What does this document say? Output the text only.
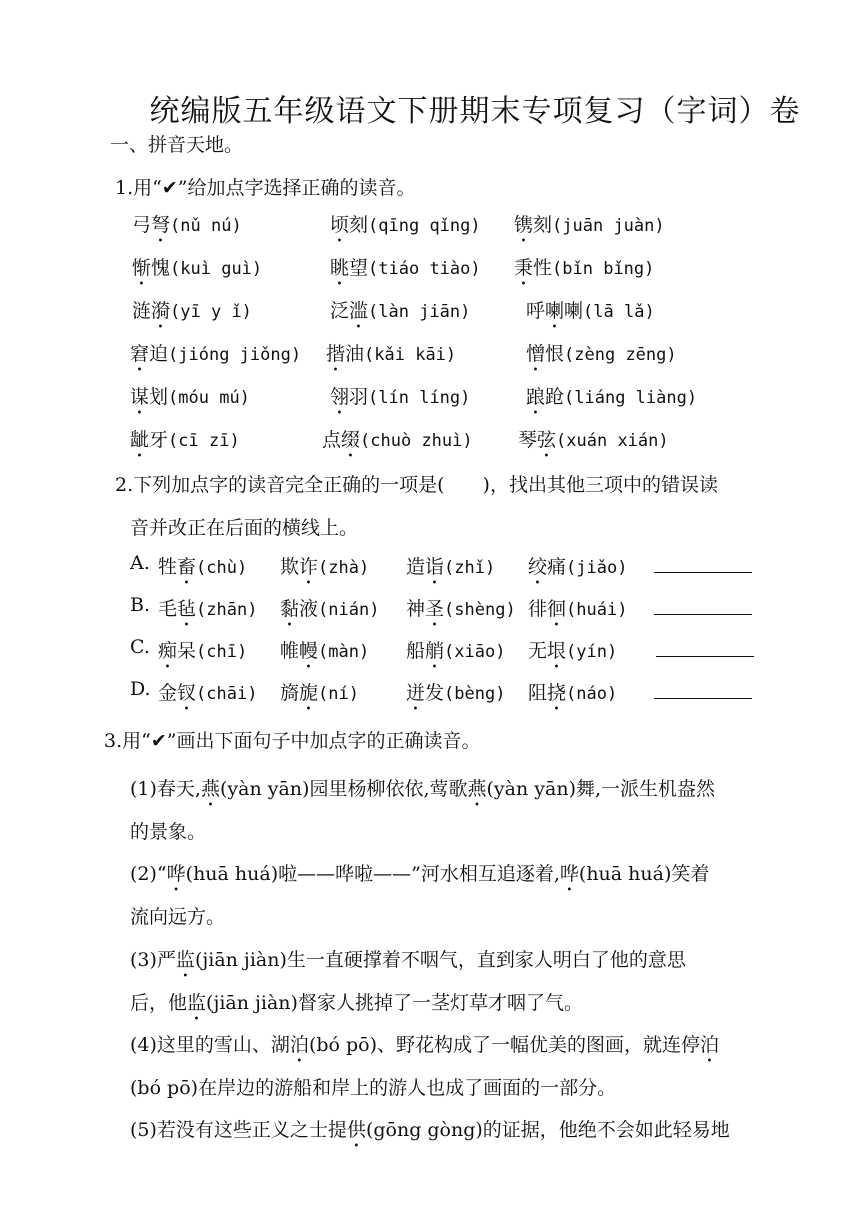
统编版五年级语文下册期末专项复习（字词）卷
一、拼音天地。
1.用“✔”给加点字选择正确的读音。
弓弩(nǔ nú)	顷刻(qīng qǐng) 镌刻(juān juàn)
惭愧(kuì guì)	眺望(tiáo tiào) 秉性(bǐn bǐng)
涟漪(yī y ǐ)	泛滥(làn jiān)	呼喇喇(lā lǎ)
窘迫(jióng jiǒng) 揩油(kǎi kāi)	憎恨(zèng zēng)
谋划(móu mú)	翎羽(lín líng)	踉跄(liáng liàng)
龇牙(cī zī)	点缀(chuò zhuì) 琴弦(xuán xián)
2.下列加点字的读音完全正确的一项是(　　)，找出其他三项中的错误读
音并改正在后面的横线上。
A. 牲畜(chù) 欺诈(zhà) 造诣(zhǐ) 绞痛(jiǎo)
B. 毛毡(zhān) 黏液(nián) 神圣(shèng) 徘徊(huái)
C. 痴呆(chī) 帷幔(màn) 船艄(xiāo) 无垠(yín)
D. 金钗(chāi) 旖旎(ní) 迸发(bèng) 阻挠(náo)
3.用“✔”画出下面句子中加点字的正确读音。
(1)春天,燕(yàn yān)园里杨柳依依,莺歌燕(yàn yān)舞,一派生机盎然
的景象。
(2)“哗(huā huá)啦——哗啦——”河水相互追逐着,哗(huā huá)笑着
流向远方。
(3)严监(jiān jiàn)生一直硬撑着不咽气，直到家人明白了他的意思
后，他监(jiān jiàn)督家人挑掉了一茎灯草才咽了气。
(4)这里的雪山、湖泊(bó pō)、野花构成了一幅优美的图画，就连停泊
(bó pō)在岸边的游船和岸上的游人也成了画面的一部分。
(5)若没有这些正义之士提供(gōng gòng)的证据，他绝不会如此轻易地
